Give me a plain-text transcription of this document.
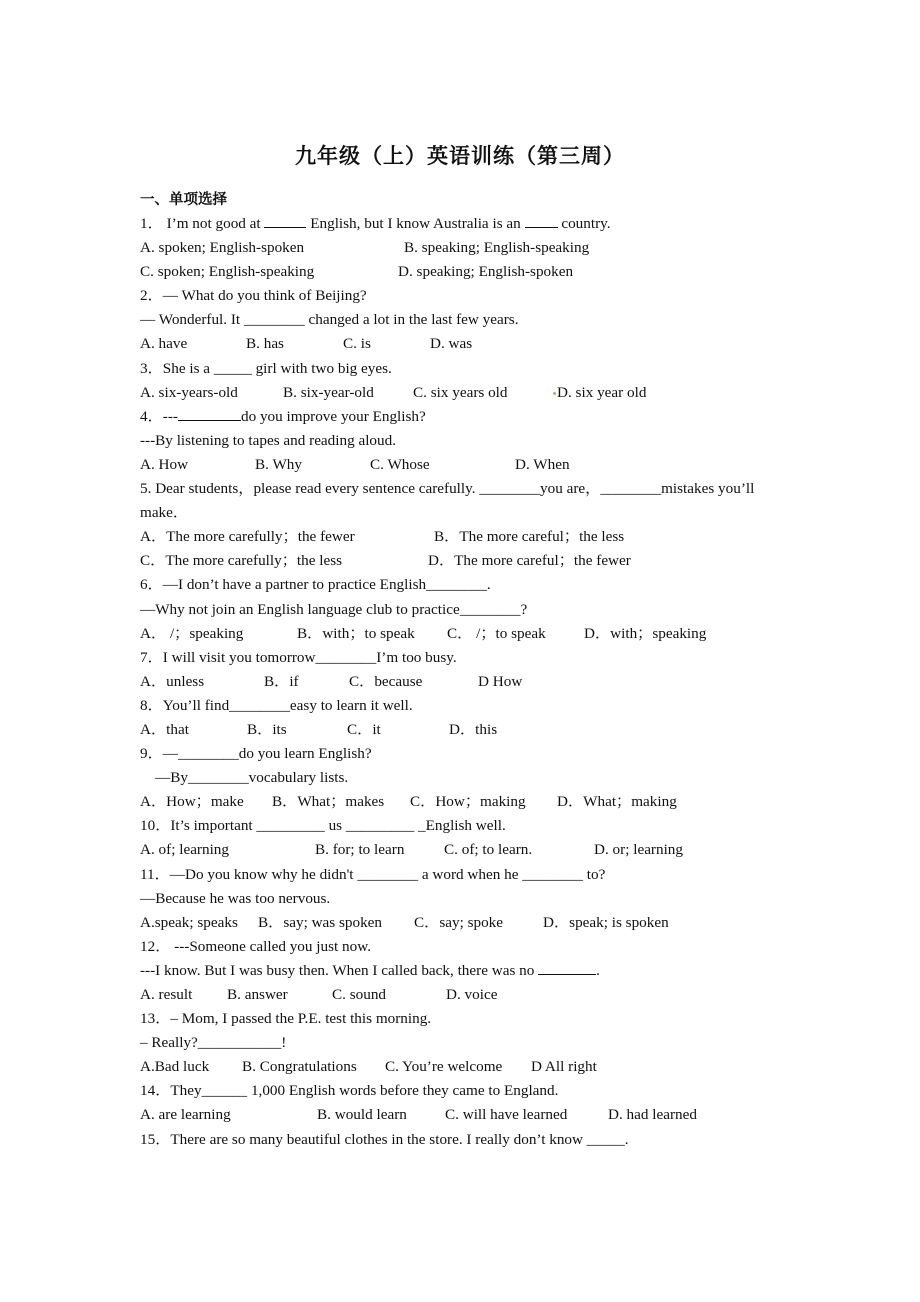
九年级（上）英语训练（第三周）
一、单项选择
1． I’m not good at	English, but I know Australia is an  country.
A. spoken; English-spoken	B. speaking; English-speaking
C. spoken; English-speaking	D. speaking; English-spoken
2．— What do you think of Beijing?
— Wonderful. It ________ changed a lot in the last few years.
A. have	B. has	C. is	D. was
3．She is a _____ girl with two big eyes.
A. six-years-old	B. six-year-old	C. six years old	D. six year old
4．---	do you improve your English?
---By listening to tapes and reading aloud.
A. How	B. Why	C. Whose	D. When
5. Dear students，please read every sentence carefully. ________you are，________mistakes you’ll make．
A．The more carefully；the fewer	B．The more careful；the less
C．The more carefully；the less	D．The more careful；the fewer
6．—I don’t have a partner to practice English________.
—Why not join an English language club to practice________?
A． /；speaking	B．with；to speak C． /；to speak	D．with；speaking
7．I will visit you tomorrow________I’m too busy.
A．unless	B．if	C．because	D How
8．You’ll find________easy to learn it well.
A．that	B．its	C．it	D．this
9．—________do you learn English?
—By________vocabulary lists.
A．How；make B．What；makes C．How；making D．What；making
10．It’s important _________ us _________ _English well.
A. of; learning	B. for; to learn	C. of; to learn.	D. or; learning
11．—Do you know why he didn't ________ a word when he ________ to?
—Because he was too nervous.
A.speak; speaks B．say; was spoken C．say; spoke	D．speak; is spoken
12． ---Someone called you just now.
---I know. But I was busy then. When I called back, there was no	.
A. result B. answer	C. sound	D. voice
13．– Mom, I passed the P.E. test this morning.
– Really?___________!
A.Bad luck B. Congratulations C. You’re welcome D All right
14．They______ 1,000 English words before they came to England.
A. are learning	B. would learn	C. will have learned	D. had learned
15．There are so many beautiful clothes in the store. I really don’t know _____.
